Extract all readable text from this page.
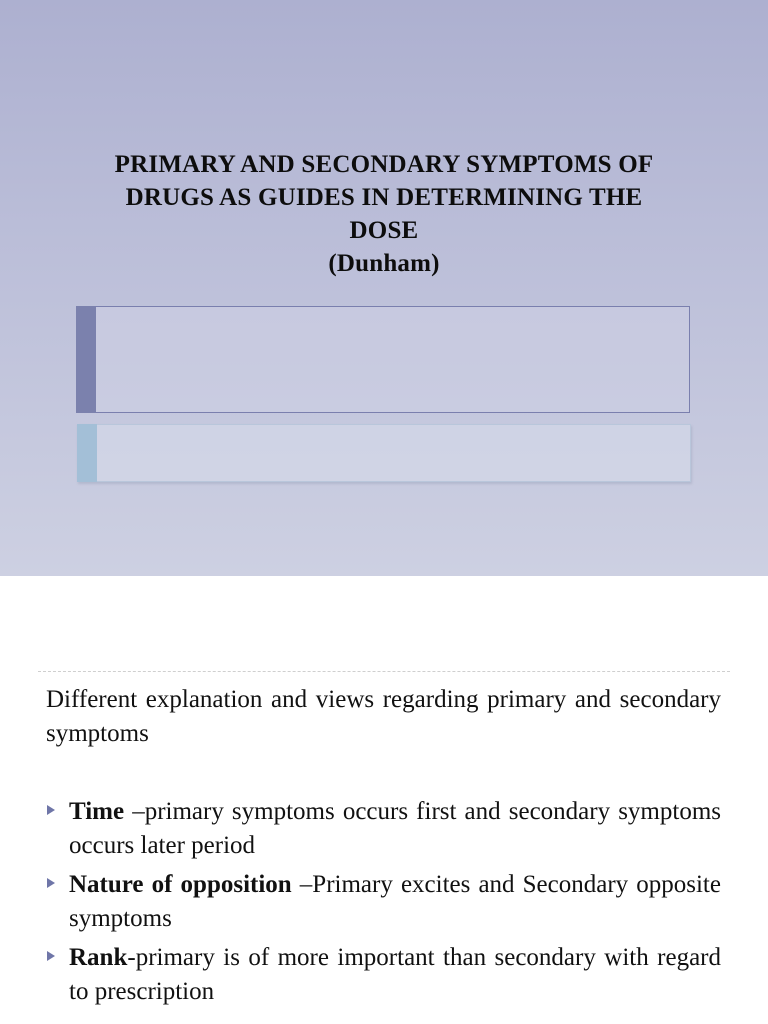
PRIMARY AND SECONDARY SYMPTOMS OF
DRUGS AS GUIDES IN DETERMINING THE
DOSE
(Dunham)
Different explanation and views regarding primary and secondary symptoms
Time –primary symptoms occurs first and secondary symptoms occurs later period
Nature of opposition –Primary excites and Secondary opposite symptoms
Rank-primary is of more important than secondary with regard to prescription
